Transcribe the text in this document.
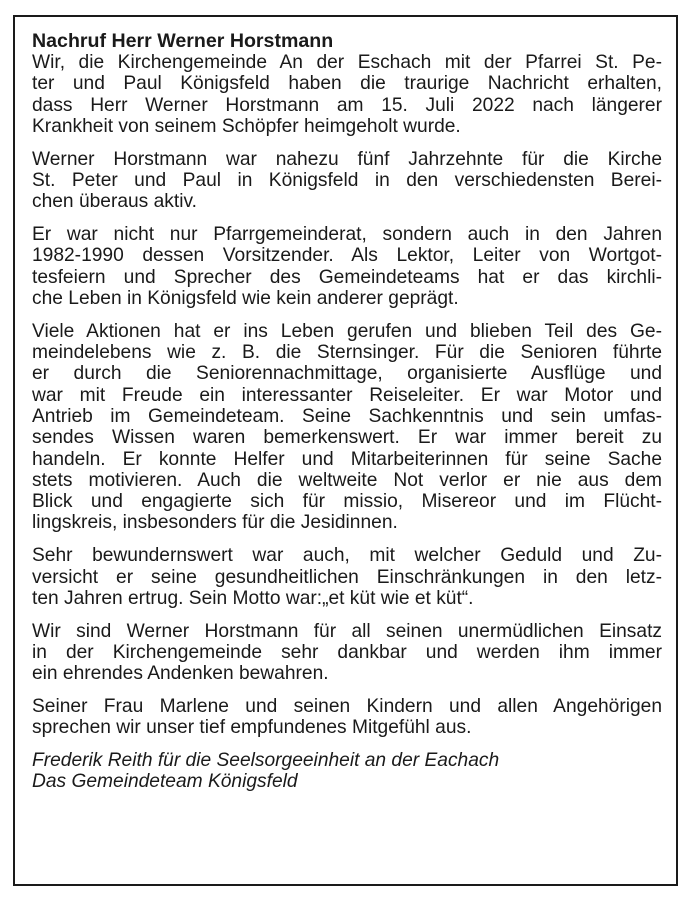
Nachruf Herr Werner Horstmann
Wir, die Kirchengemeinde An der Eschach mit der Pfarrei St. Pe-
ter und Paul Königsfeld haben die traurige Nachricht erhalten,
dass Herr Werner Horstmann am 15. Juli 2022 nach längerer
Krankheit von seinem Schöpfer heimgeholt wurde.
Werner Horstmann war nahezu fünf Jahrzehnte für die Kirche
St. Peter und Paul in Königsfeld in den verschiedensten Berei-
chen überaus aktiv.
Er war nicht nur Pfarrgemeinderat, sondern auch in den Jahren
1982-1990 dessen Vorsitzender. Als Lektor, Leiter von Wortgot-
tesfeiern und Sprecher des Gemeindeteams hat er das kirchli-
che Leben in Königsfeld wie kein anderer geprägt.
Viele Aktionen hat er ins Leben gerufen und blieben Teil des Ge-
meindelebens wie z. B. die Sternsinger. Für die Senioren führte
er durch die Seniorennachmittage, organisierte Ausflüge und
war mit Freude ein interessanter Reiseleiter. Er war Motor und
Antrieb im Gemeindeteam. Seine Sachkenntnis und sein umfas-
sendes Wissen waren bemerkenswert. Er war immer bereit zu
handeln. Er konnte Helfer und Mitarbeiterinnen für seine Sache
stets motivieren. Auch die weltweite Not verlor er nie aus dem
Blick und engagierte sich für missio, Misereor und im Flücht-
lingskreis, insbesonders für die Jesidinnen.
Sehr bewundernswert war auch, mit welcher Geduld und Zu-
versicht er seine gesundheitlichen Einschränkungen in den letz-
ten Jahren ertrug. Sein Motto war:„et küt wie et küt“.
Wir sind Werner Horstmann für all seinen unermüdlichen Einsatz
in der Kirchengemeinde sehr dankbar und werden ihm immer
ein ehrendes Andenken bewahren.
Seiner Frau Marlene und seinen Kindern und allen Angehörigen
sprechen wir unser tief empfundenes Mitgefühl aus.
Frederik Reith für die Seelsorgeeinheit an der Eachach
Das Gemeindeteam Königsfeld
